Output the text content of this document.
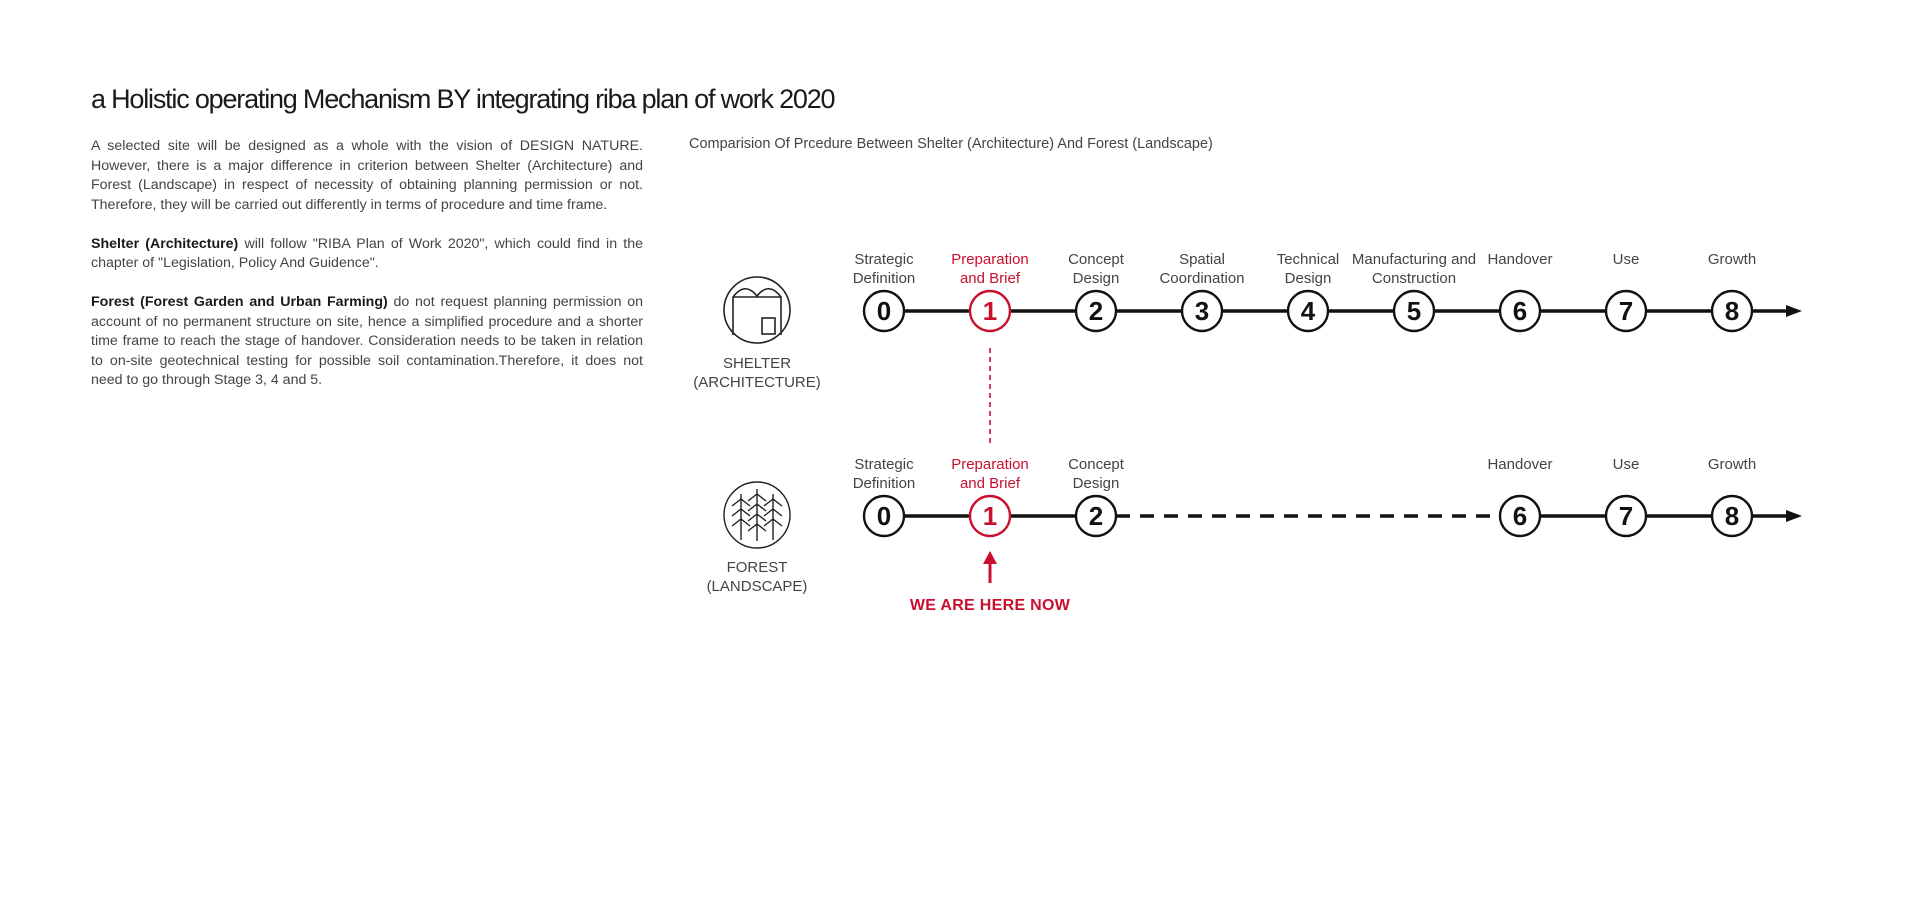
a Holistic operating Mechanism BY integrating riba plan of work 2020

A selected site will be designed as a whole with the vision of DESIGN NATURE. However, there is a major difference in criterion between Shelter (Architecture) and Forest (Landscape) in respect of necessity of obtaining planning permission or not. Therefore, they will be carried out differently in terms of procedure and time frame.

Shelter (Architecture) will follow "RIBA Plan of Work 2020", which could find in the chapter of "Legislation, Policy And Guidence".

Forest (Forest Garden and Urban Farming) do not request planning permission on account of no permanent structure on site, hence a simplified procedure and a shorter time frame to reach the stage of handover. Consideration needs to be taken in relation to on-site geotechnical testing for possible soil contamination.Therefore, it does not need to go through Stage 3, 4 and 5.

Comparision Of Prcedure Between Shelter (Architecture) And Forest (Landscape)
SHELTER
(ARCHITECTURE)
FOREST
(LANDSCAPE)
0
Strategic
Definition
1
Preparation
and Brief
2
Concept
Design
3
Spatial
Coordination
4
Technical
Design
5
Manufacturing and
Construction
6
Handover
7
Use
8
Growth
0
Strategic
Definition
1
Preparation
and Brief
2
Concept
Design
6
Handover
7
Use
8
Growth
WE ARE HERE NOW
